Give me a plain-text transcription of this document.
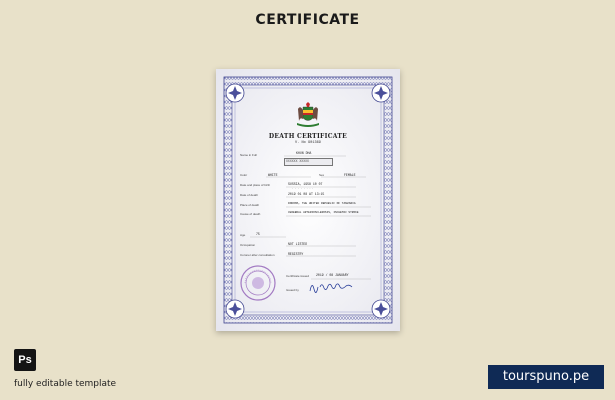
CERTIFICATE
DEATH CERTIFICATE
V. No 901369
Name in Full	KHUN DHA
XXXXXX XXXXX
Color	WHITE	Sex	FEMALE
Date and place of birth	SUSSIA, 1958 10 07
· · · · · · · ·
Date of death	2019 01 08 AT 13:15
Place of death	DODOMA, THE UNITED REPUBLIC OF TANZANIA
Cause of death	CEREBRAL ARTERIOSCLEROSIS, ISCHEMIC STROKE
Age	75
Occupation	NOT LISTED
Coroner after consultation	REGISTRY
Certificate issued 2019 / 08 JANUARY
Issued by
Ps
fully editable template	tourspuno.pe
